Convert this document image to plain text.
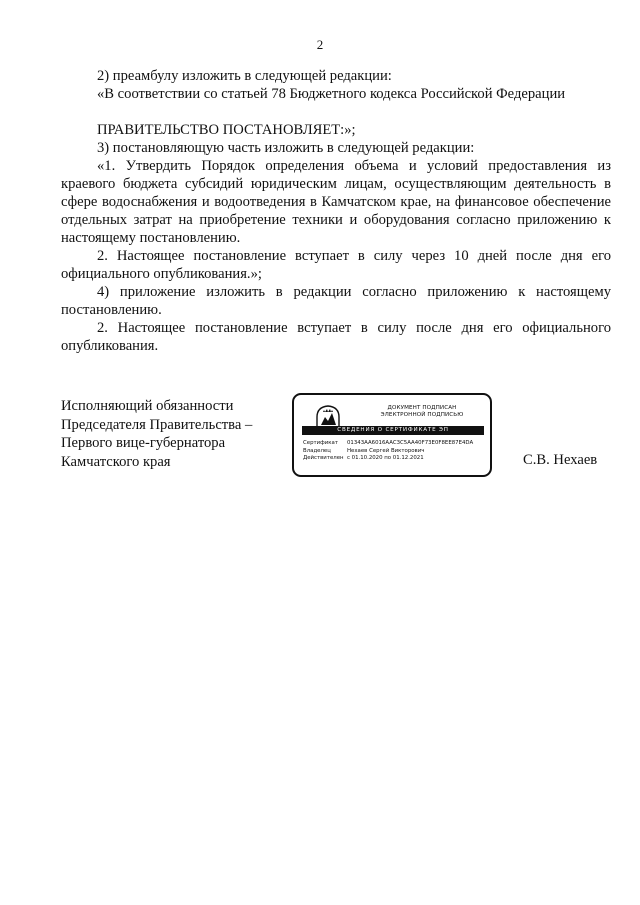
2

2) преамбулу изложить в следующей редакции:

«В соответствии со статьей 78 Бюджетного кодекса Российской Федерации

ПРАВИТЕЛЬСТВО ПОСТАНОВЛЯЕТ:»;

3) постановляющую часть изложить в следующей редакции:

«1. Утвердить Порядок определения объема и условий предоставления из краевого бюджета субсидий юридическим лицам, осуществляющим деятельность в сфере водоснабжения и водоотведения в Камчатском крае, на финансовое обеспечение отдельных затрат на приобретение техники и оборудования согласно приложению к настоящему постановлению.

2. Настоящее постановление вступает в силу через 10 дней после дня его официального опубликования.»;

4) приложение изложить в редакции согласно приложению к настоящему постановлению.

2. Настоящее постановление вступает в силу после дня его официального опубликования.

Исполняющий обязанности
Председателя Правительства –
Первого вице-губернатора
Камчатского края
ДОКУМЕНТ ПОДПИСАН
ЭЛЕКТРОННОЙ ПОДПИСЬЮ
СВЕДЕНИЯ О СЕРТИФИКАТЕ ЭП
Сертификат	01343AA6016AAC3C5AA40F73E0F8EE87E4DA
Владелец	Нехаев Сергей Викторович
Действителен с 01.10.2020 по 01.12.2021	С.В. Нехаев
